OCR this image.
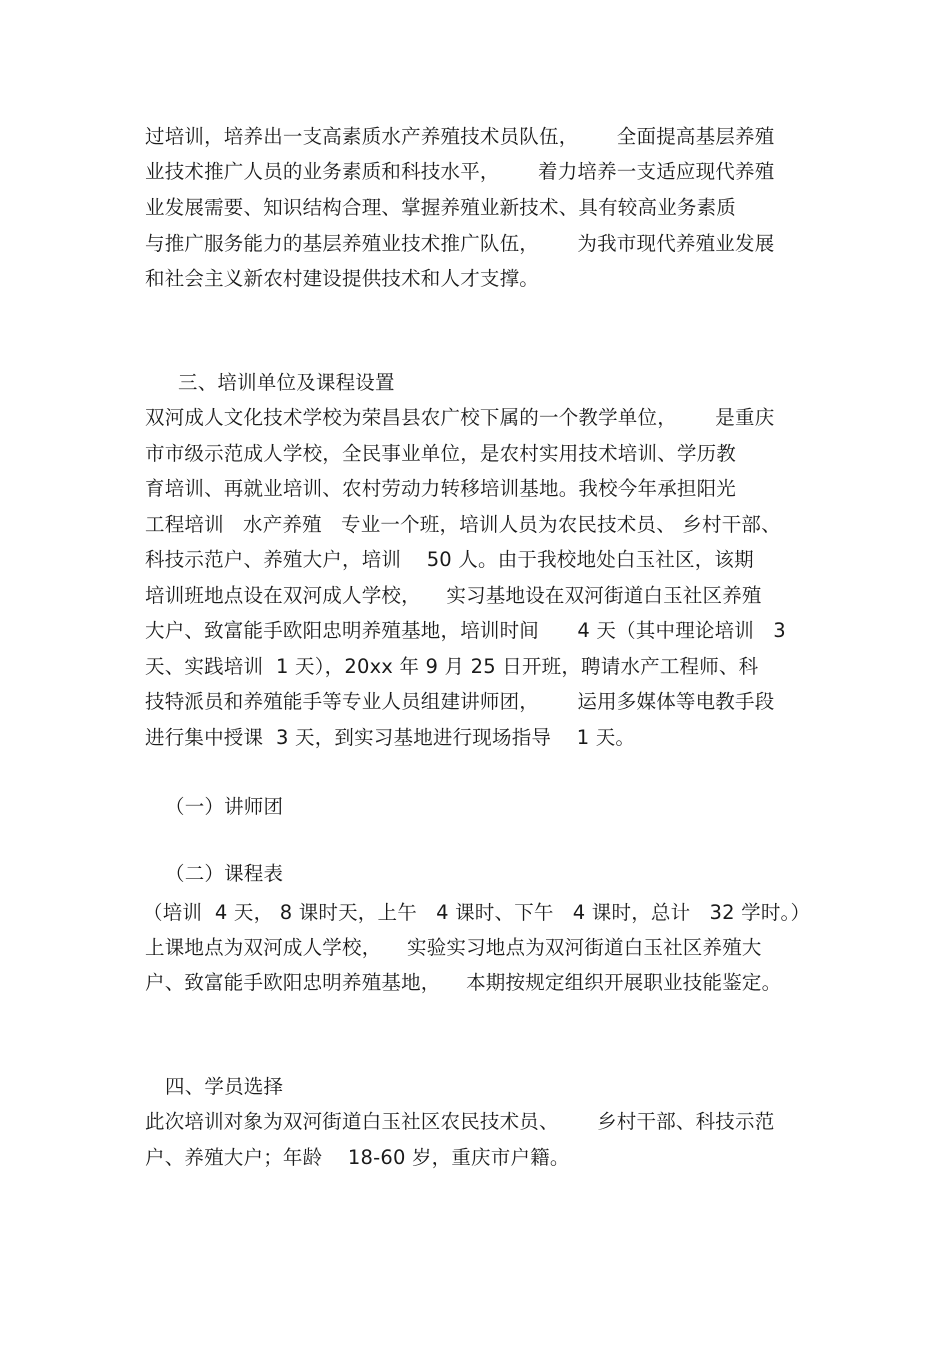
过培训，培养出一支高素质水产养殖技术员队伍，      全面提高基层养殖
业技术推广人员的业务素质和科技水平，      着力培养一支适应现代养殖
业发展需要、知识结构合理、掌握养殖业新技术、具有较高业务素质
与推广服务能力的基层养殖业技术推广队伍，      为我市现代养殖业发展
和社会主义新农村建设提供技术和人才支撑。
三、培训单位及课程设置
双河成人文化技术学校为荣昌县农广校下属的一个教学单位，      是重庆
市市级示范成人学校，全民事业单位，是农村实用技术培训、学历教
育培训、再就业培训、农村劳动力转移培训基地。我校今年承担阳光
工程培训   水产养殖   专业一个班，培训人员为农民技术员、 乡村干部、
科技示范户、养殖大户，培训    50 人。由于我校地处白玉社区，该期
培训班地点设在双河成人学校，    实习基地设在双河街道白玉社区养殖
大户、致富能手欧阳忠明养殖基地，培训时间      4 天（其中理论培训   3
天、实践培训  1 天），20xx 年 9 月 25 日开班，聘请水产工程师、科
技特派员和养殖能手等专业人员组建讲师团，      运用多媒体等电教手段
进行集中授课  3 天，到实习基地进行现场指导    1 天。
（一）讲师团
（二）课程表
（培训  4 天， 8 课时天，上午   4 课时、下午   4 课时，总计   32 学时。）
上课地点为双河成人学校，    实验实习地点为双河街道白玉社区养殖大
户、致富能手欧阳忠明养殖基地，    本期按规定组织开展职业技能鉴定。
四、学员选择
此次培训对象为双河街道白玉社区农民技术员、      乡村干部、科技示范
户、养殖大户；年龄    18-60 岁，重庆市户籍。
